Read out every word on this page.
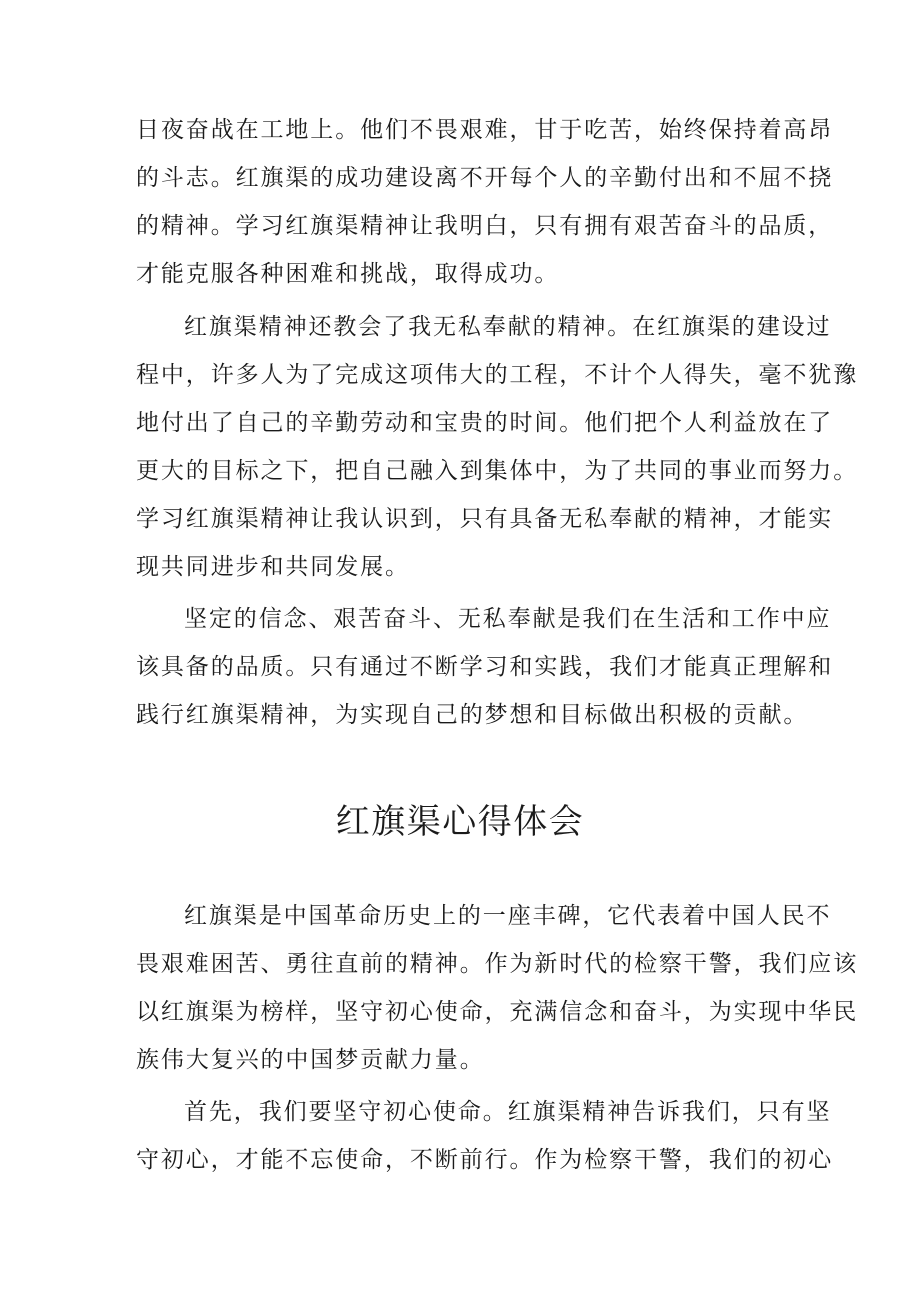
日夜奋战在工地上。他们不畏艰难，甘于吃苦，始终保持着高昂
的斗志。红旗渠的成功建设离不开每个人的辛勤付出和不屈不挠
的精神。学习红旗渠精神让我明白，只有拥有艰苦奋斗的品质，
才能克服各种困难和挑战，取得成功。
红旗渠精神还教会了我无私奉献的精神。在红旗渠的建设过
程中，许多人为了完成这项伟大的工程，不计个人得失，毫不犹豫
地付出了自己的辛勤劳动和宝贵的时间。他们把个人利益放在了
更大的目标之下，把自己融入到集体中，为了共同的事业而努力。
学习红旗渠精神让我认识到，只有具备无私奉献的精神，才能实
现共同进步和共同发展。
坚定的信念、艰苦奋斗、无私奉献是我们在生活和工作中应
该具备的品质。只有通过不断学习和实践，我们才能真正理解和
践行红旗渠精神，为实现自己的梦想和目标做出积极的贡献。
红旗渠心得体会
红旗渠是中国革命历史上的一座丰碑，它代表着中国人民不
畏艰难困苦、勇往直前的精神。作为新时代的检察干警，我们应该
以红旗渠为榜样，坚守初心使命，充满信念和奋斗，为实现中华民
族伟大复兴的中国梦贡献力量。
首先，我们要坚守初心使命。红旗渠精神告诉我们，只有坚
守初心，才能不忘使命，不断前行。作为检察干警，我们的初心
